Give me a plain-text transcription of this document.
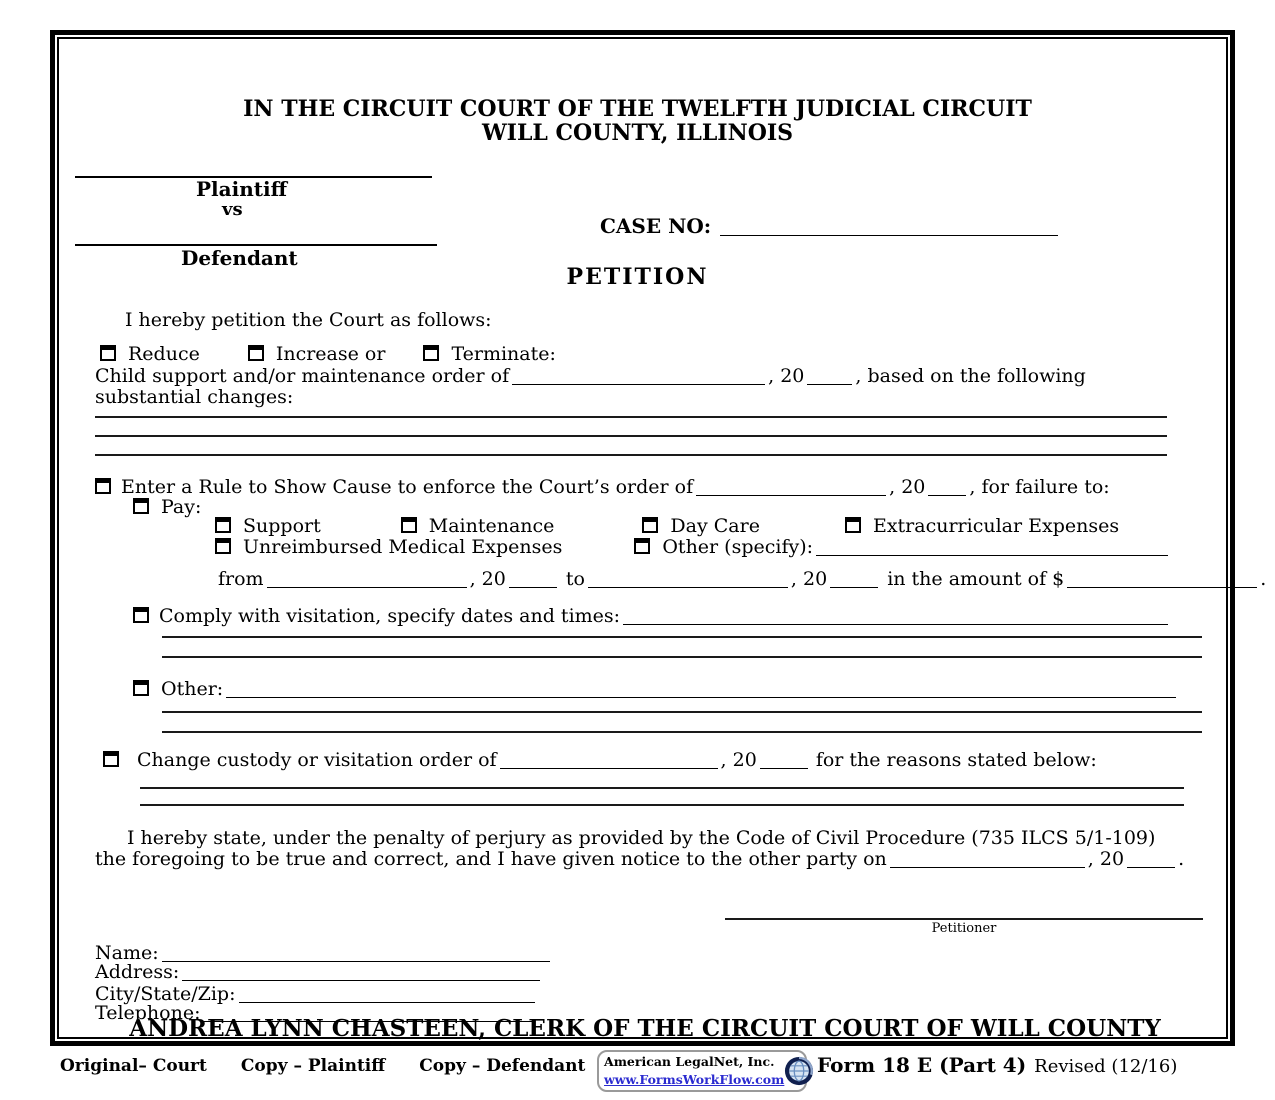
IN THE CIRCUIT COURT OF THE TWELFTH JUDICIAL CIRCUIT
WILL COUNTY, ILLINOIS
Plaintiff
vs
Defendant
CASE NO:
PETITION
I hereby petition the Court as follows:
Reduce	Increase or	Terminate:
Child support and/or maintenance order of	, 20	, based on the following
substantial changes:
Enter a Rule to Show Cause to enforce the Court’s order of	, 20 , for failure to:
Pay:
Support	Maintenance	Day Care	Extracurricular Expenses
Unreimbursed Medical Expenses	Other (specify):
from	, 20	to	, 20	in the amount of $	.
Comply with visitation, specify dates and times:
Other:
Change custody or visitation order of	, 20	for the reasons stated below:
I hereby state, under the penalty of perjury as provided by the Code of Civil Procedure (735 ILCS 5/1-109)
the foregoing to be true and correct, and I have given notice to the other party on	, 20	.
Petitioner
Name:
Address:
City/State/Zip:
Telephone:
ANDREA LYNN CHASTEEN, CLERK OF THE CIRCUIT COURT OF WILL COUNTY
Original– Court Copy – Plaintiff Copy – Defendant	American LegalNet, Inc.
www.FormsWorkFlow.com
Form 18 E (Part 4) Revised (12/16)
